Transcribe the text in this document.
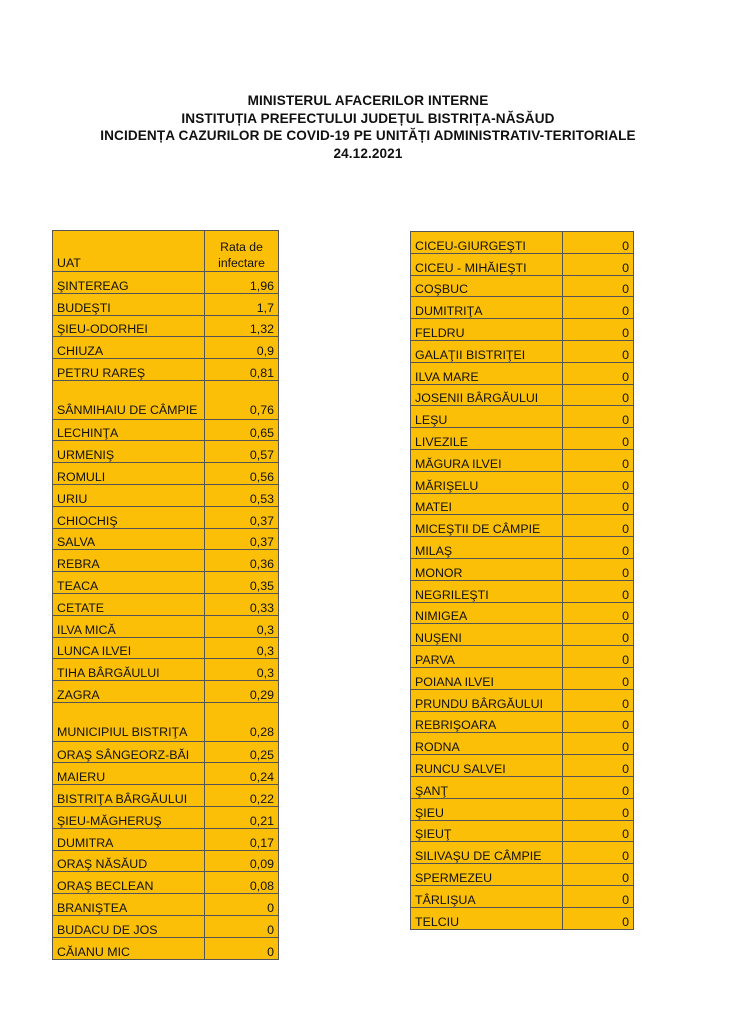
MINISTERUL AFACERILOR INTERNE
INSTITUȚIA PREFECTULUI JUDEȚUL BISTRIȚA-NĂSĂUD
INCIDENȚA CAZURILOR DE COVID-19 PE UNITĂȚI ADMINISTRATIV-TERITORIALE
24.12.2021
UAT	Rata de infectare
ŞINTEREAG	1,96
BUDEŞTI	1,7
ŞIEU-ODORHEI	1,32
CHIUZA	0,9
PETRU RAREŞ	0,81
SÂNMIHAIU DE CÂMPIE	0,76
LECHINŢA	0,65
URMENIŞ	0,57
ROMULI	0,56
URIU	0,53
CHIOCHIŞ	0,37
SALVA	0,37
REBRA	0,36
TEACA	0,35
CETATE	0,33
ILVA MICĂ	0,3
LUNCA ILVEI	0,3
TIHA BÂRGĂULUI	0,3
ZAGRA	0,29
MUNICIPIUL BISTRIŢA	0,28
ORAŞ SÂNGEORZ-BĂI	0,25
MAIERU	0,24
BISTRIŢA BÂRGĂULUI	0,22
ŞIEU-MĂGHERUŞ	0,21
DUMITRA	0,17
ORAŞ NĂSĂUD	0,09
ORAŞ BECLEAN	0,08
BRANIŞTEA	0
BUDACU DE JOS	0
CĂIANU MIC	0
CICEU-GIURGEŞTI	0
CICEU - MIHĂIEŞTI	0
COŞBUC	0
DUMITRIŢA	0
FELDRU	0
GALAŢII BISTRIŢEI	0
ILVA MARE	0
JOSENII BÂRGĂULUI	0
LEŞU	0
LIVEZILE	0
MĂGURA ILVEI	0
MĂRIŞELU	0
MATEI	0
MICEŞTII DE CÂMPIE	0
MILAŞ	0
MONOR	0
NEGRILEŞTI	0
NIMIGEA	0
NUŞENI	0
PARVA	0
POIANA ILVEI	0
PRUNDU BÂRGĂULUI	0
REBRIŞOARA	0
RODNA	0
RUNCU SALVEI	0
ŞANŢ	0
ŞIEU	0
ŞIEUŢ	0
SILIVAŞU DE CÂMPIE	0
SPERMEZEU	0
TÂRLIŞUA	0
TELCIU	0
